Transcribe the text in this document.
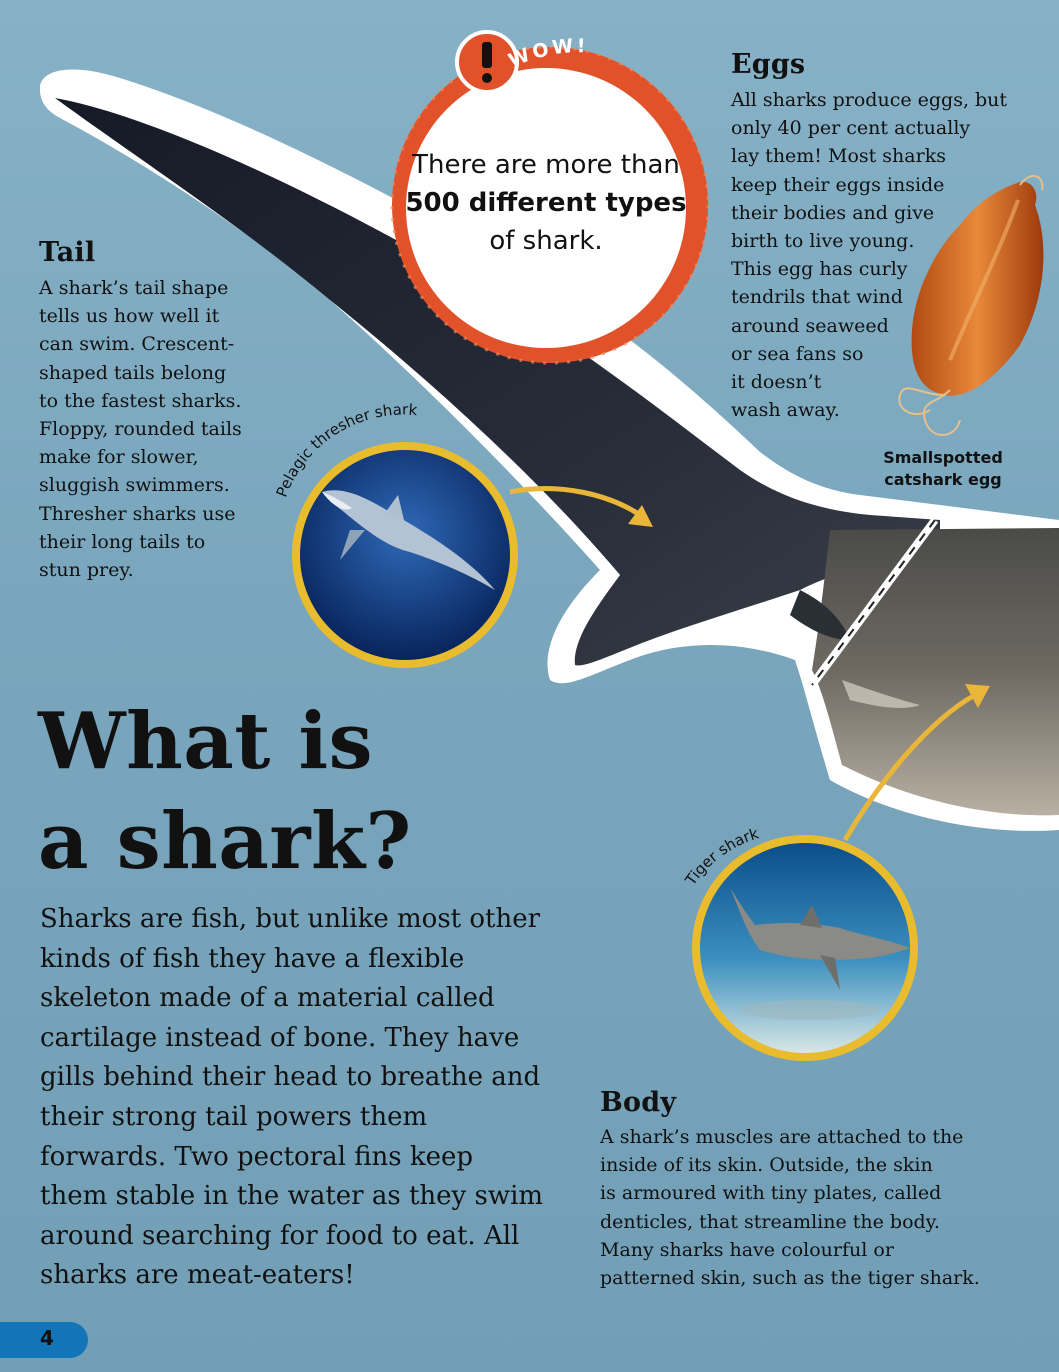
Pelagic thresher shark
Tiger shark
WOW!

There are more than 500 different types of shark.

Tail

A shark’s tail shape
tells us how well it
can swim. Crescent-
shaped tails belong
to the fastest sharks.
Floppy, rounded tails
make for slower,
sluggish swimmers.
Thresher sharks use
their long tails to
stun prey.

Eggs

All sharks produce eggs, but
only 40 per cent actually
lay them! Most sharks
keep their eggs inside
their bodies and give
birth to live young.
This egg has curly
tendrils that wind
around seaweed
or sea fans so
it doesn’t
wash away.

Smallspotted
catshark egg

What is
a shark?

Sharks are fish, but unlike most other
kinds of fish they have a flexible
skeleton made of a material called
cartilage instead of bone. They have
gills behind their head to breathe and
their strong tail powers them
forwards. Two pectoral fins keep
them stable in the water as they swim
around searching for food to eat. All
sharks are meat-eaters!

Body

A shark’s muscles are attached to the
inside of its skin. Outside, the skin
is armoured with tiny plates, called
denticles, that streamline the body.
Many sharks have colourful or
patterned skin, such as the tiger shark.

4
